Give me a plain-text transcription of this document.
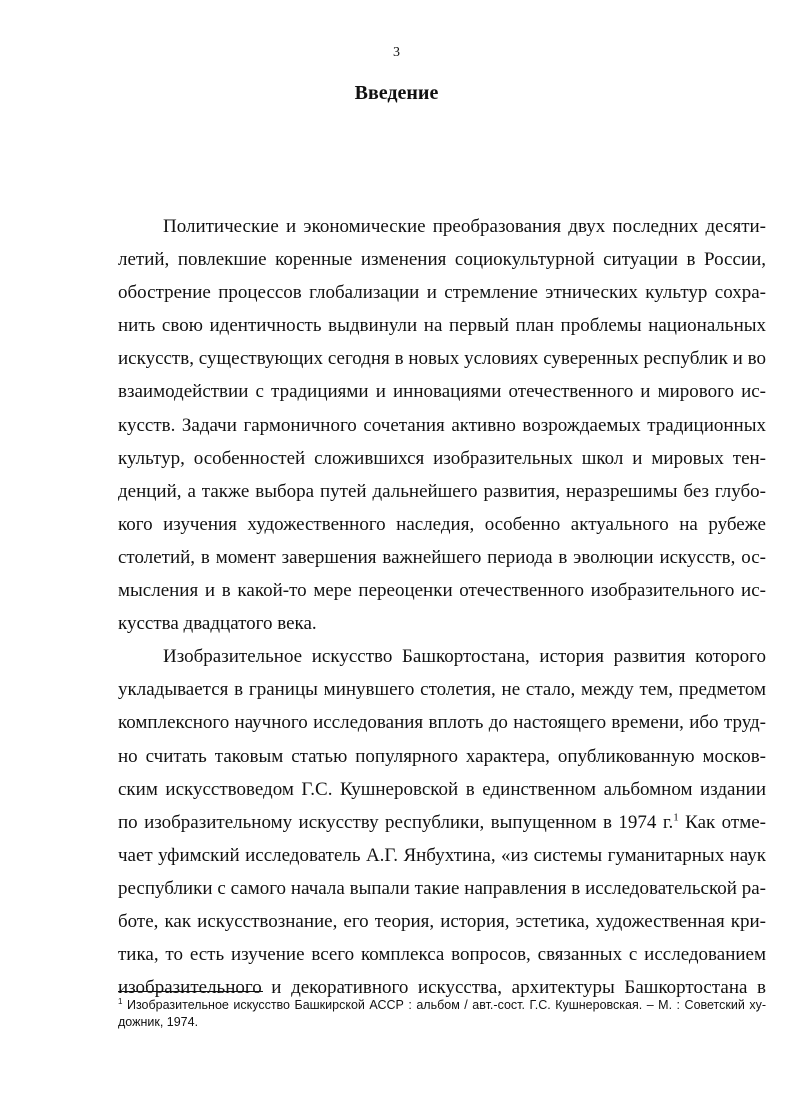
3
Введение
Политические и экономические преобразования двух последних десяти-
летий, повлекшие коренные изменения социокультурной ситуации в России,
обострение процессов глобализации и стремление этнических культур сохра-
нить свою идентичность выдвинули на первый план проблемы национальных
искусств, существующих сегодня в новых условиях суверенных республик и во
взаимодействии с традициями и инновациями отечественного и мирового ис-
кусств. Задачи гармоничного сочетания активно возрождаемых традиционных
культур, особенностей сложившихся изобразительных школ и мировых тен-
денций, а также выбора путей дальнейшего развития, неразрешимы без глубо-
кого изучения художественного наследия, особенно актуального на рубеже
столетий, в момент завершения важнейшего периода в эволюции искусств, ос-
мысления и в какой-то мере переоценки отечественного изобразительного ис-
кусства двадцатого века.
Изобразительное искусство Башкортостана, история развития которого
укладывается в границы минувшего столетия, не стало, между тем, предметом
комплексного научного исследования вплоть до настоящего времени, ибо труд-
но считать таковым статью популярного характера, опубликованную москов-
ским искусствоведом Г.С. Кушнеровской в единственном альбомном издании
по изобразительному искусству республики, выпущенном в 1974 г.$^1$ Как отме-
чает уфимский исследователь А.Г. Янбухтина, «из системы гуманитарных наук
республики с самого начала выпали такие направления в исследовательской ра-
боте, как искусствознание, его теория, история, эстетика, художественная кри-
тика, то есть изучение всего комплекса вопросов, связанных с исследованием
изобразительного и декоративного искусства, архитектуры Башкортостана в
$^1$ Изобразительное искусство Башкирской АССР : альбом / авт.-сост. Г.С. Кушнеровская. – М. : Советский ху-
дожник, 1974.
